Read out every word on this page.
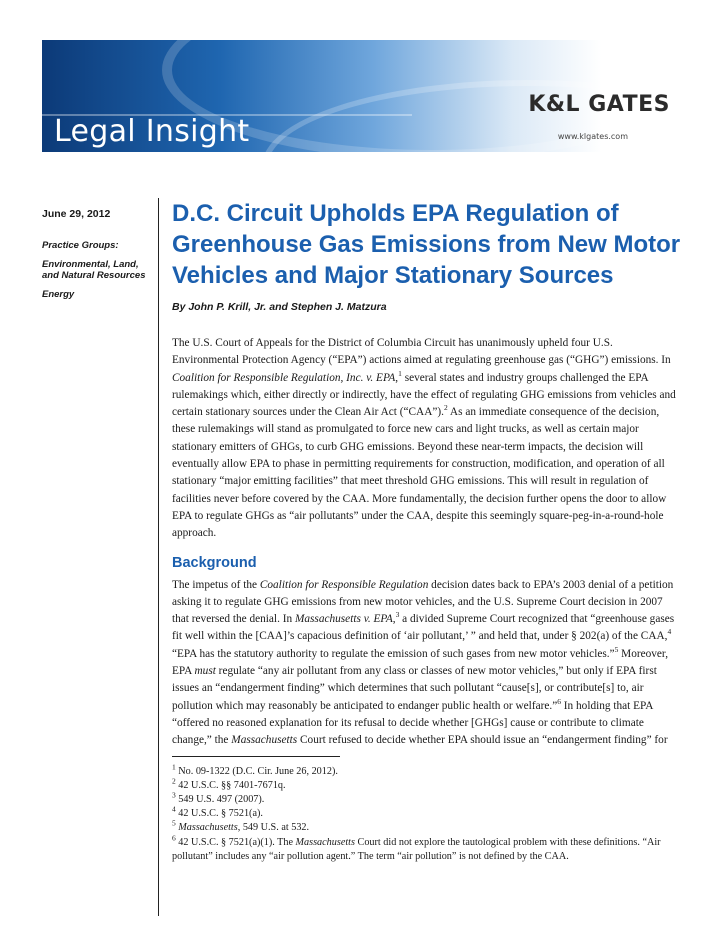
Legal Insight
K&L GATES
www.klgates.com
June 29, 2012
Practice Groups:
Environmental, Land, and Natural Resources
Energy
D.C. Circuit Upholds EPA Regulation of Greenhouse Gas Emissions from New Motor Vehicles and Major Stationary Sources
By John P. Krill, Jr. and Stephen J. Matzura

The U.S. Court of Appeals for the District of Columbia Circuit has unanimously upheld four U.S. Environmental Protection Agency (“EPA”) actions aimed at regulating greenhouse gas (“GHG”) emissions. In Coalition for Responsible Regulation, Inc. v. EPA,$^1$ several states and industry groups challenged the EPA rulemakings which, either directly or indirectly, have the effect of regulating GHG emissions from vehicles and certain stationary sources under the Clean Air Act (“CAA”).$^2$ As an immediate consequence of the decision, these rulemakings will stand as promulgated to force new cars and light trucks, as well as certain major stationary emitters of GHGs, to curb GHG emissions. Beyond these near-term impacts, the decision will eventually allow EPA to phase in permitting requirements for construction, modification, and operation of all stationary “major emitting facilities” that meet threshold GHG emissions. This will result in regulation of facilities never before covered by the CAA. More fundamentally, the decision further opens the door to allow EPA to regulate GHGs as “air pollutants” under the CAA, despite this seemingly square-peg-in-a-round-hole approach.

Background

The impetus of the Coalition for Responsible Regulation decision dates back to EPA’s 2003 denial of a petition asking it to regulate GHG emissions from new motor vehicles, and the U.S. Supreme Court decision in 2007 that reversed the denial. In Massachusetts v. EPA,$^3$ a divided Supreme Court recognized that “greenhouse gases fit well within the [CAA]’s capacious definition of ‘air pollutant,’ ” and held that, under § 202(a) of the CAA,$^4$ “EPA has the statutory authority to regulate the emission of such gases from new motor vehicles.”$^5$ Moreover, EPA must regulate “any air pollutant from any class or classes of new motor vehicles,” but only if EPA first issues an “endangerment finding” which determines that such pollutant “cause[s], or contribute[s] to, air pollution which may reasonably be anticipated to endanger public health or welfare.”$^6$ In holding that EPA “offered no reasoned explanation for its refusal to decide whether [GHGs] cause or contribute to climate change,” the Massachusetts Court refused to decide whether EPA should issue an “endangerment finding” for

$^1$ No. 09-1322 (D.C. Cir. June 26, 2012).

$^2$ 42 U.S.C. §§ 7401-7671q.

$^3$ 549 U.S. 497 (2007).

$^4$ 42 U.S.C. § 7521(a).

$^5$ Massachusetts, 549 U.S. at 532.

$^6$ 42 U.S.C. § 7521(a)(1). The Massachusetts Court did not explore the tautological problem with these definitions. “Air pollutant” includes any “air pollution agent.” The term “air pollution” is not defined by the CAA.
